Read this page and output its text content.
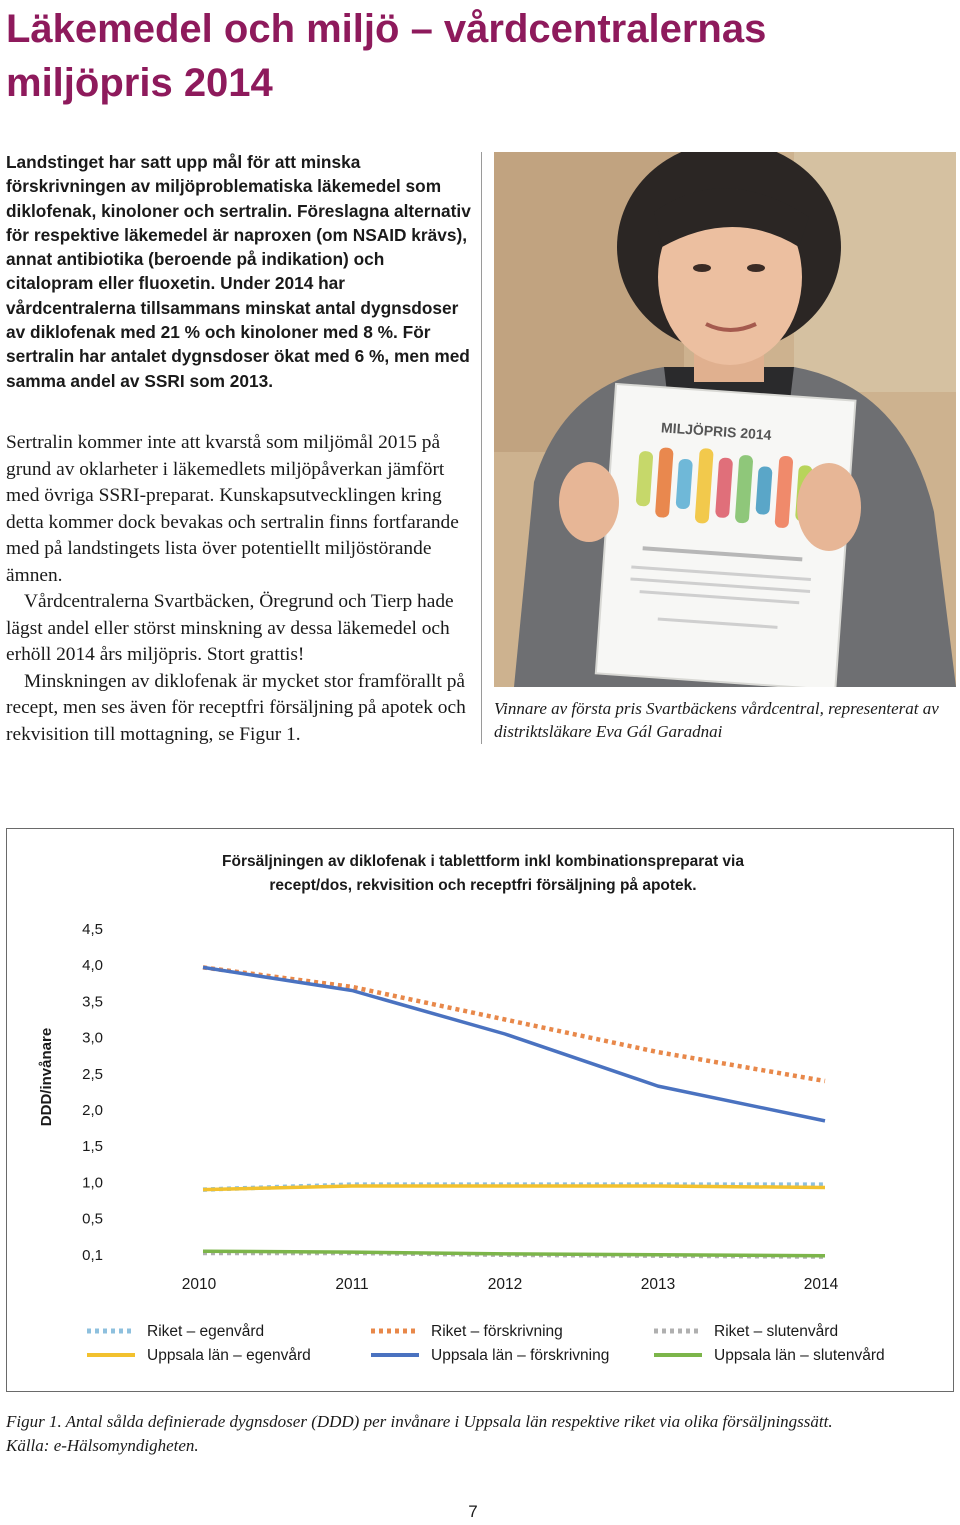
Läkemedel och miljö – vårdcentralernas
miljöpris 2014
Landstinget har satt upp mål för att minska förskrivningen av miljöproblematiska läkemedel som diklofenak, kinoloner och sertralin. Föreslagna alternativ för respektive läkemedel är naproxen (om NSAID krävs), annat antibiotika (beroende på indikation) och citalopram eller fluoxetin. Under 2014 har vårdcentralerna tillsammans minskat antal dygnsdoser av diklofenak med 21 % och kinoloner med 8 %. För sertralin har antalet dygnsdoser ökat med 6 %, men med samma andel av SSRI som 2013.

Sertralin kommer inte att kvarstå som miljömål 2015 på grund av oklarheter i läkemedlets miljöpåverkan jämfört med övriga SSRI-preparat. Kunskapsutvecklingen kring detta kommer dock bevakas och sertralin finns fortfarande med på landstingets lista över potentiellt miljöstörande ämnen.

Vårdcentralerna Svartbäcken, Öregrund och Tierp hade lägst andel eller störst minskning av dessa läkemedel och erhöll 2014 års miljöpris. Stort grattis!

Minskningen av diklofenak är mycket stor framförallt på recept, men ses även för receptfri försäljning på apotek och rekvisition till mottagning, se Figur 1.

MILJÖPRIS 2014
Vinnare av första pris Svartbäckens vårdcentral, representerat av distriktsläkare Eva Gál Garadnai
Försäljningen av diklofenak i tablettform inkl kombinationspreparat via
recept/dos, rekvisition och receptfri försäljning på apotek.
DDD/invånare
4,5
4,0
3,5
3,0
2,5
2,0
1,5
1,0
0,5
0,1
2010	2011	2012	2013	2014
Riket – egenvård	Riket – förskrivning	Riket – slutenvård
Uppsala län – egenvård	Uppsala län – förskrivning	Uppsala län – slutenvård
Figur 1. Antal sålda definierade dygnsdoser (DDD) per invånare i Uppsala län respektive riket via olika försäljningssätt.
Källa: e-Hälsomyndigheten.
7
